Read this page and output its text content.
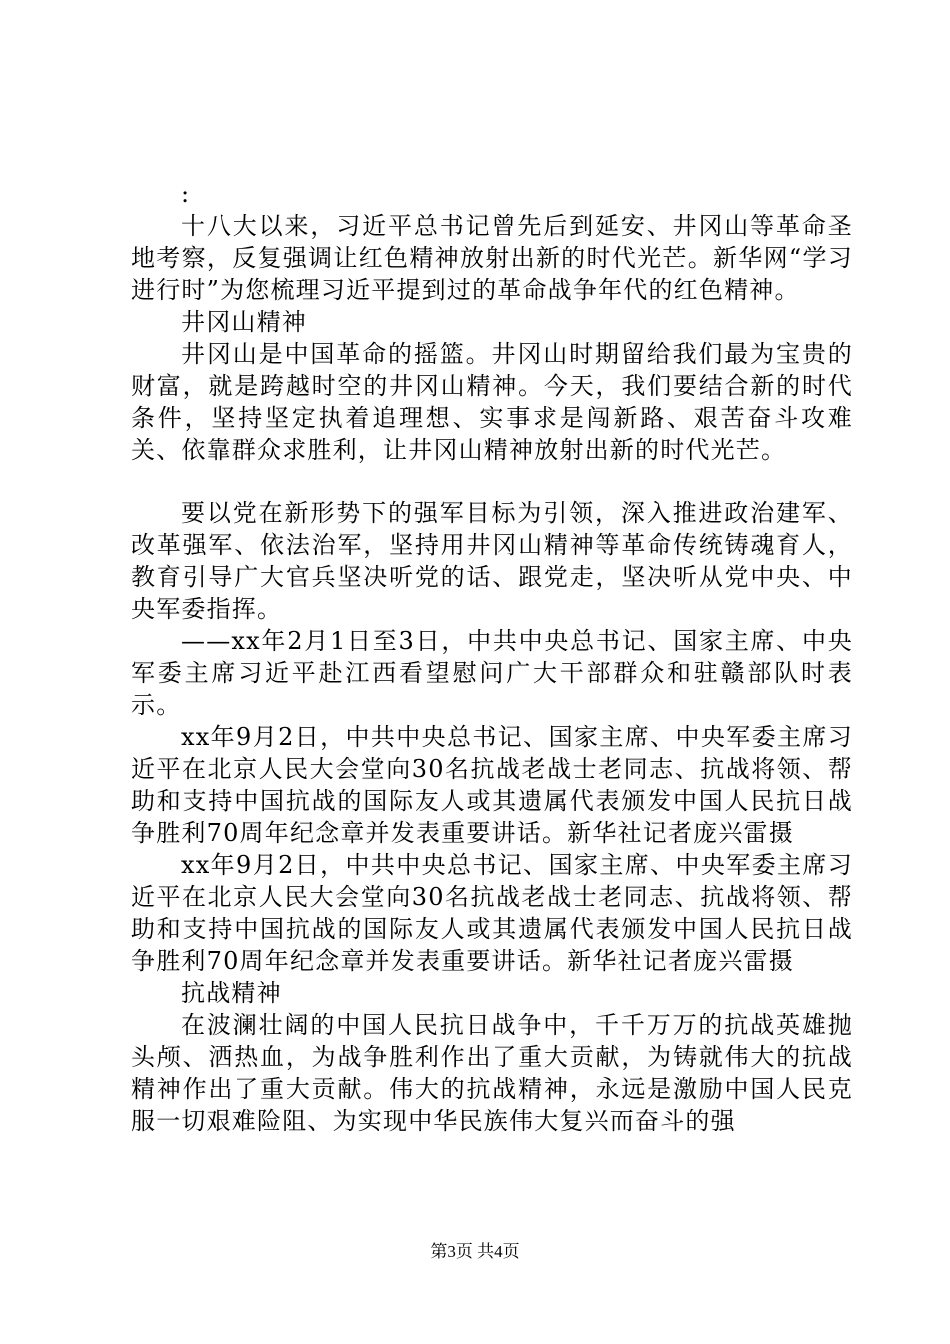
:

十八大以来，习近平总书记曾先后到延安、井冈山等革命圣地考察，反复强调让红色精神放射出新的时代光芒。新华网“学习进行时”为您梳理习近平提到过的革命战争年代的红色精神。

井冈山精神

井冈山是中国革命的摇篮。井冈山时期留给我们最为宝贵的财富，就是跨越时空的井冈山精神。今天，我们要结合新的时代条件，坚持坚定执着追理想、实事求是闯新路、艰苦奋斗攻难关、依靠群众求胜利，让井冈山精神放射出新的时代光芒。

要以党在新形势下的强军目标为引领，深入推进政治建军、改革强军、依法治军，坚持用井冈山精神等革命传统铸魂育人，教育引导广大官兵坚决听党的话、跟党走，坚决听从党中央、中央军委指挥。

——xx年2月1日至3日，中共中央总书记、国家主席、中央军委主席习近平赴江西看望慰问广大干部群众和驻赣部队时表示。

xx年9月2日，中共中央总书记、国家主席、中央军委主席习近平在北京人民大会堂向30名抗战老战士老同志、抗战将领、帮助和支持中国抗战的国际友人或其遗属代表颁发中国人民抗日战争胜利70周年纪念章并发表重要讲话。新华社记者庞兴雷摄

xx年9月2日，中共中央总书记、国家主席、中央军委主席习近平在北京人民大会堂向30名抗战老战士老同志、抗战将领、帮助和支持中国抗战的国际友人或其遗属代表颁发中国人民抗日战争胜利70周年纪念章并发表重要讲话。新华社记者庞兴雷摄

抗战精神

在波澜壮阔的中国人民抗日战争中，千千万万的抗战英雄抛头颅、洒热血，为战争胜利作出了重大贡献，为铸就伟大的抗战精神作出了重大贡献。伟大的抗战精神，永远是激励中国人民克服一切艰难险阻、为实现中华民族伟大复兴而奋斗的强

第3页 共4页
